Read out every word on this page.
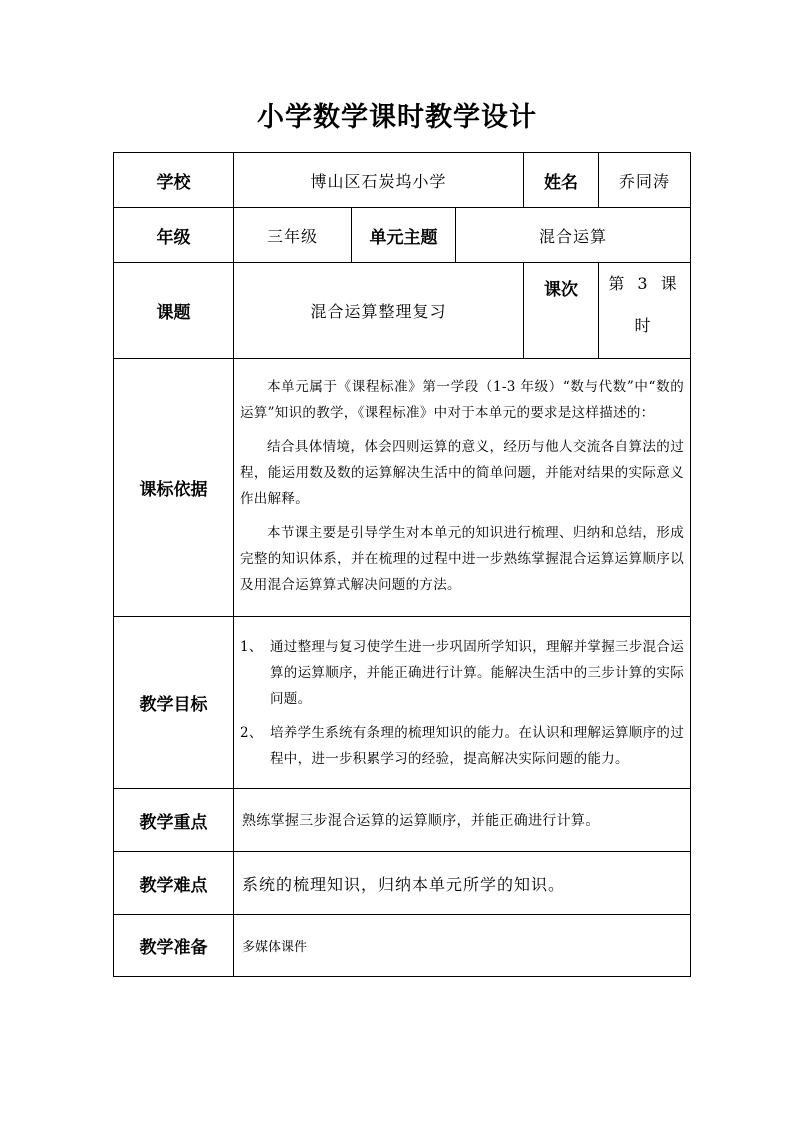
小学数学课时教学设计
学校	博山区石炭坞小学			姓名	乔同涛
年级	三年级	单元主题	混合运算		
课题	混合运算整理复习			课次	第 3 课
时

课标依据	本单元属于《课程标准》第一学段（1-3 年级）“数与代数”中“数的运算”知识的教学，《课程标准》中对于本单元的要求是这样描述的：

结合具体情境，体会四则运算的意义，经历与他人交流各自算法的过程，能运用数及数的运算解决生活中的简单问题，并能对结果的实际意义作出解释。

本节课主要是引导学生对本单元的知识进行梳理、归纳和总结，形成完整的知识体系，并在梳理的过程中进一步熟练掌握混合运算运算顺序以及用混合运算算式解决问题的方法。				

教学目标	1、 通过整理与复习使学生进一步巩固所学知识，理解并掌握三步混合运算的运算顺序，并能正确进行计算。能解决生活中的三步计算的实际问题。
2、 培养学生系统有条理的梳理知识的能力。在认识和理解运算顺序的过程中，进一步积累学习的经验，提高解决实际问题的能力。				

教学重点	熟练掌握三步混合运算的运算顺序，并能正确进行计算。				
教学难点	系统的梳理知识，归纳本单元所学的知识。				
教学准备	多媒体课件				
